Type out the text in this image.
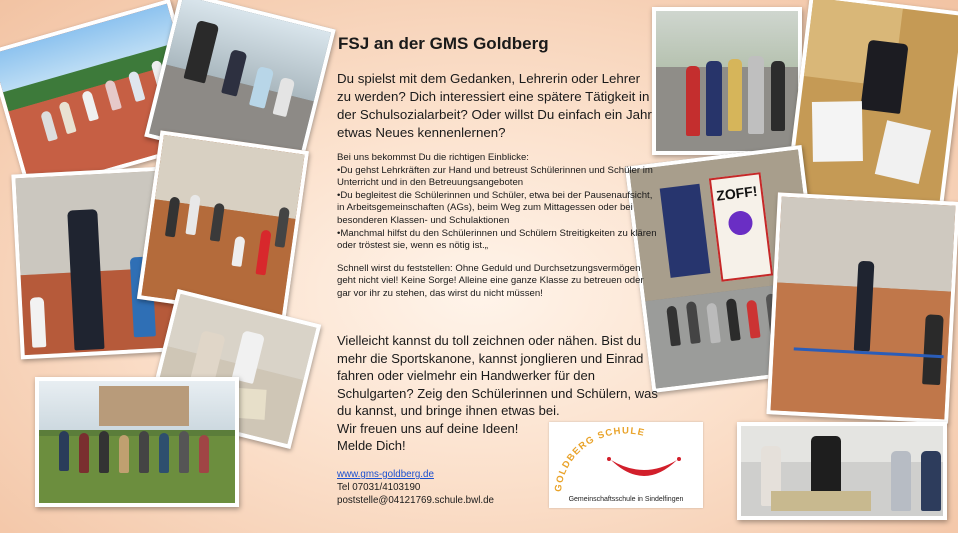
ZOFF!
FSJ an der GMS Goldberg

Du spielst mit dem Gedanken, Lehrerin oder Lehrer zu werden? Dich interessiert eine spätere Tätigkeit in der Schulsozialarbeit? Oder willst Du einfach ein Jahr etwas Neues kennenlernen?

Bei uns bekommst Du die richtigen Einblicke:

•Du gehst Lehrkräften zur Hand und betreust Schülerinnen und Schüler im Unterricht und in den Betreuungsangeboten

•Du begleitest die Schülerinnen und Schüler, etwa bei der Pausenaufsicht, in Arbeitsgemeinschaften (AGs), beim Weg zum Mittagessen oder bei besonderen Klassen- und Schulaktionen

•Manchmal hilfst du den Schülerinnen und Schülern Streitigkeiten zu klären oder tröstest sie, wenn es nötig ist.„

Schnell wirst du feststellen: Ohne Geduld und Durchsetzungsvermögen geht nicht viel! Keine Sorge! Alleine eine ganze Klasse zu betreuen oder gar vor ihr zu stehen, das wirst du nicht müssen!

Vielleicht kannst du toll zeichnen oder nähen. Bist du mehr die Sportskanone, kannst jonglieren und Einrad fahren oder vielmehr ein Handwerker für den Schulgarten? Zeig den Schülerinnen und Schülern, was du kannst, und bringe ihnen etwas bei.

Wir freuen uns auf deine Ideen!

Melde Dich!

www.gms-goldberg.de
Tel 07031/4103190
poststelle@04121769.schule.bwl.de
GOLDBERG SCHULE
Gemeinschaftsschule in Sindelfingen
